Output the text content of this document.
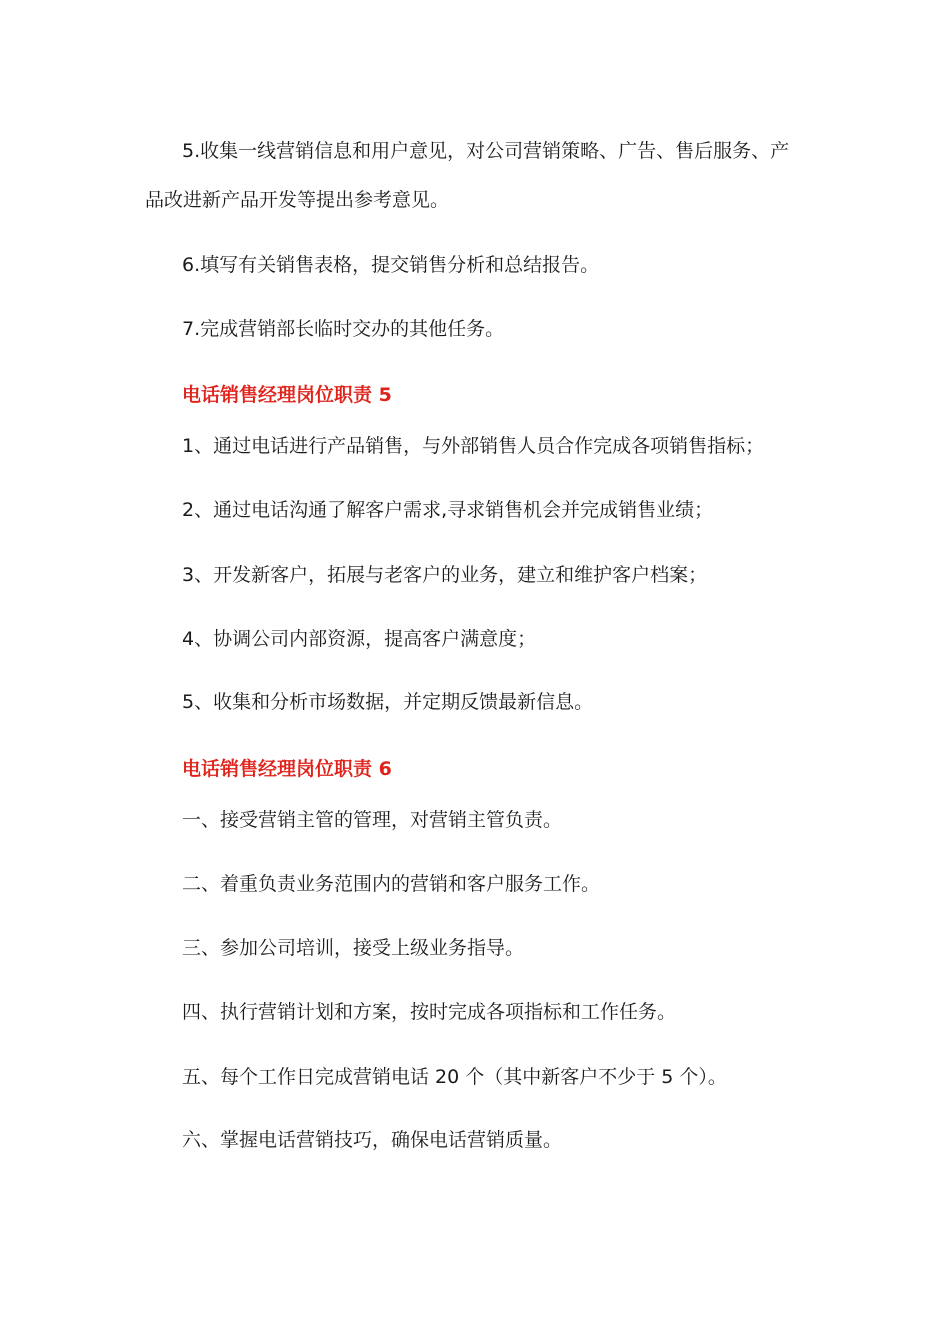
5.收集一线营销信息和用户意见，对公司营销策略、广告、售后服务、产

品改进新产品开发等提出参考意见。

6.填写有关销售表格，提交销售分析和总结报告。

7.完成营销部长临时交办的其他任务。

电话销售经理岗位职责 5

1、通过电话进行产品销售，与外部销售人员合作完成各项销售指标；

2、通过电话沟通了解客户需求,寻求销售机会并完成销售业绩；

3、开发新客户，拓展与老客户的业务，建立和维护客户档案；

4、协调公司内部资源，提高客户满意度；

5、收集和分析市场数据，并定期反馈最新信息。

电话销售经理岗位职责 6

一、接受营销主管的管理，对营销主管负责。

二、着重负责业务范围内的营销和客户服务工作。

三、参加公司培训，接受上级业务指导。

四、执行营销计划和方案，按时完成各项指标和工作任务。

五、每个工作日完成营销电话 20 个（其中新客户不少于 5 个）。

六、掌握电话营销技巧，确保电话营销质量。
